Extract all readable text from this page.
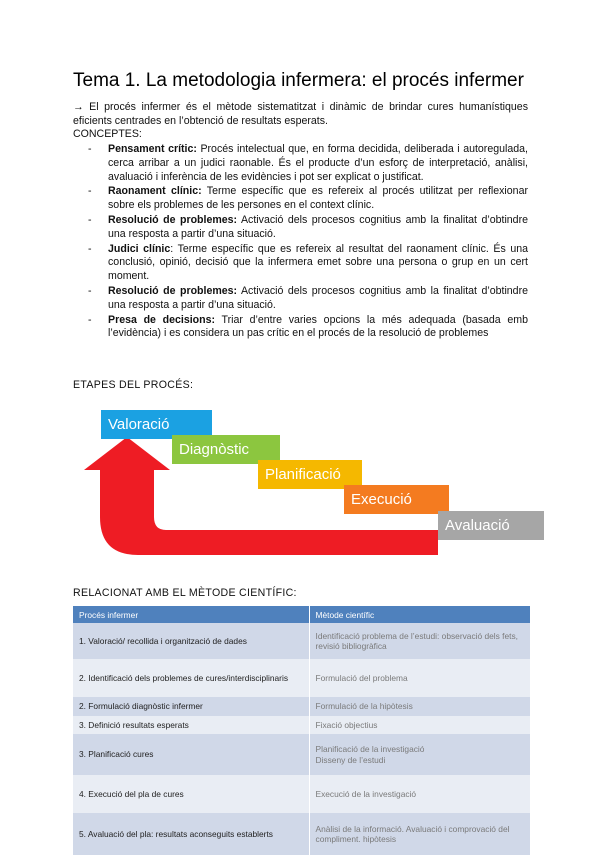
Tema 1. La metodologia infermera: el procés infermer

→ El procés infermer és el mètode sistematitzat i dinàmic de brindar cures humanístiques eficients centrades en l’obtenció de resultats esperats.

CONCEPTES:
- Pensament crític: Procés intelectual que, en forma decidida, deliberada i autoregulada, cerca arribar a un judici raonable. És el producte d’un esforç de interpretació, anàlisi, avaluació i inferència de les evidències i pot ser explicat o justificat.
- Raonament clínic: Terme específic que es refereix al procés utilitzat per reflexionar sobre els problemes de les persones en el context clínic.
- Resolució de problemes: Activació dels procesos cognitius amb la finalitat d’obtindre una resposta a partir d’una situació.
- Judici clínic: Terme específic que es refereix al resultat del raonament clínic. És una conclusió, opinió, decisió que la infermera emet sobre una persona o grup en un cert moment.
- Resolució de problemes: Activació dels procesos cognitius amb la finalitat d’obtindre una resposta a partir d’una situació.
- Presa de decisions: Triar d’entre varies opcions la més adequada (basada emb l’evidència) i es considera un pas crític en el procés de la resolució de problemes
ETAPES DEL PROCÉS:
Valoració
Diagnòstic
Planificació
Execució
Avaluació
RELACIONAT AMB EL MÈTODE CIENTÍFIC:
Procés infermer	Mètode científic
1. Valoració/ recollida i organització de dades	Identificació problema de l’estudi: observació dels fets, revisió bibliogràfica
2. Identificació dels problemes de cures/interdisciplinaris	Formulació del problema
2. Formulació diagnòstic infermer	Formulació de la hipòtesis
3. Definició resultats esperats	Fixació objectius
3. Planificació cures	Planificació de la investigació
Disseny de l’estudi
4. Execució del pla de cures	Execució de la investigació
5. Avaluació del pla: resultats aconseguits establerts	Anàlisi de la informació. Avaluació i comprovació del compliment. hipòtesis
